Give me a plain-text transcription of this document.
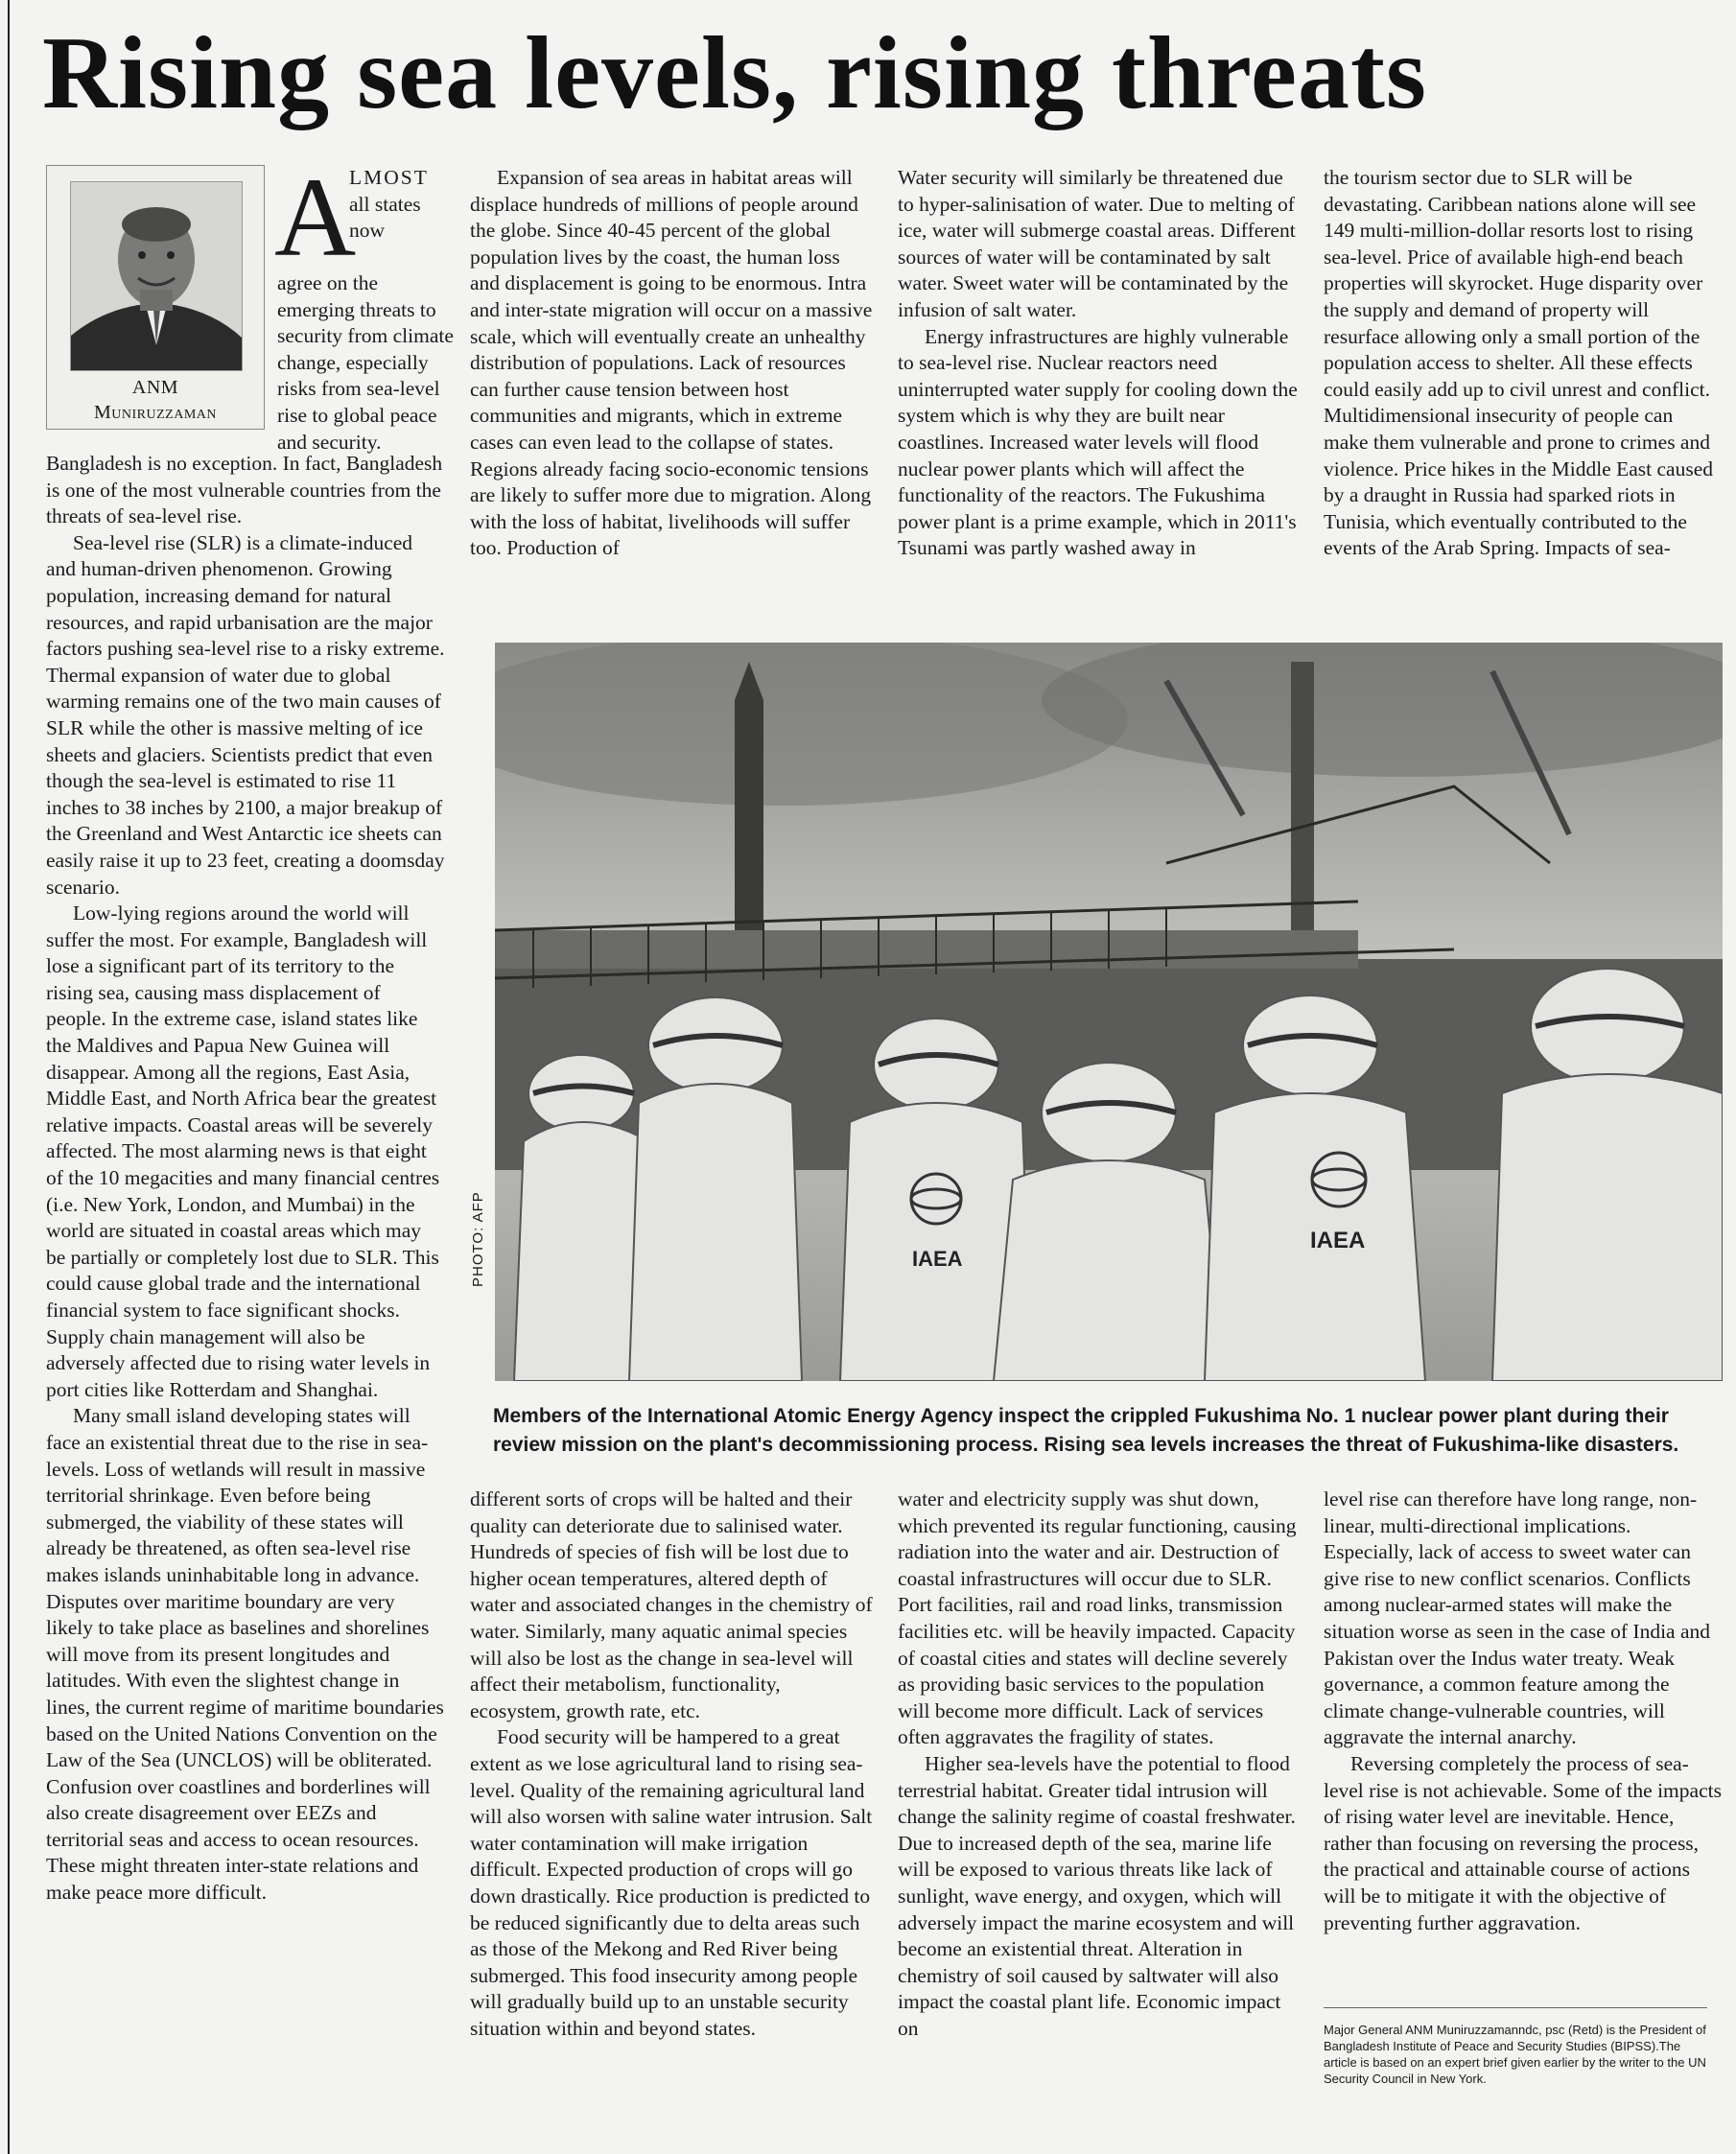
Rising sea levels, rising threats
ANM
Muniruzzaman
A
LMOST
all states
now
agree on the emerging threats to security from climate change, especially risks from sea-level rise to global peace and security.

Bangladesh is no exception. In fact, Bangladesh is one of the most vulnerable countries from the threats of sea-level rise.

Sea-level rise (SLR) is a climate-induced and human-driven phenomenon. Growing population, increasing demand for natural resources, and rapid urbanisation are the major factors pushing sea-level rise to a risky extreme. Thermal expansion of water due to global warming remains one of the two main causes of SLR while the other is massive melting of ice sheets and glaciers. Scientists predict that even though the sea-level is estimated to rise 11 inches to 38 inches by 2100, a major breakup of the Greenland and West Antarctic ice sheets can easily raise it up to 23 feet, creating a doomsday scenario.

Low-lying regions around the world will suffer the most. For example, Bangladesh will lose a significant part of its territory to the rising sea, causing mass displacement of people. In the extreme case, island states like the Maldives and Papua New Guinea will disappear. Among all the regions, East Asia, Middle East, and North Africa bear the greatest relative impacts. Coastal areas will be severely affected. The most alarming news is that eight of the 10 megacities and many financial centres (i.e. New York, London, and Mumbai) in the world are situated in coastal areas which may be partially or completely lost due to SLR. This could cause global trade and the international financial system to face significant shocks. Supply chain management will also be adversely affected due to rising water levels in port cities like Rotterdam and Shanghai.

Many small island developing states will face an existential threat due to the rise in sea-levels. Loss of wetlands will result in massive territorial shrinkage. Even before being submerged, the viability of these states will already be threatened, as often sea-level rise makes islands uninhabitable long in advance. Disputes over maritime boundary are very likely to take place as baselines and shorelines will move from its present longitudes and latitudes. With even the slightest change in lines, the current regime of maritime boundaries based on the United Nations Convention on the Law of the Sea (UNCLOS) will be obliterated. Confusion over coastlines and borderlines will also create disagreement over EEZs and territorial seas and access to ocean resources. These might threaten inter-state relations and make peace more difficult.

Expansion of sea areas in habitat areas will displace hundreds of millions of people around the globe. Since 40-45 percent of the global population lives by the coast, the human loss and displacement is going to be enormous. Intra and inter-state migration will occur on a massive scale, which will eventually create an unhealthy distribution of populations. Lack of resources can further cause tension between host communities and migrants, which in extreme cases can even lead to the collapse of states. Regions already facing socio-economic tensions are likely to suffer more due to migration. Along with the loss of habitat, livelihoods will suffer too. Production of

Water security will similarly be threatened due to hyper-salinisation of water. Due to melting of ice, water will submerge coastal areas. Different sources of water will be contaminated by salt water. Sweet water will be contaminated by the infusion of salt water.

Energy infrastructures are highly vulnerable to sea-level rise. Nuclear reactors need uninterrupted water supply for cooling down the system which is why they are built near coastlines. Increased water levels will flood nuclear power plants which will affect the functionality of the reactors. The Fukushima power plant is a prime example, which in 2011's Tsunami was partly washed away in

the tourism sector due to SLR will be devastating. Caribbean nations alone will see 149 multi-million-dollar resorts lost to rising sea-level. Price of available high-end beach properties will skyrocket. Huge disparity over the supply and demand of property will resurface allowing only a small portion of the population access to shelter. All these effects could easily add up to civil unrest and conflict. Multidimensional insecurity of people can make them vulnerable and prone to crimes and violence. Price hikes in the Middle East caused by a draught in Russia had sparked riots in Tunisia, which eventually contributed to the events of the Arab Spring. Impacts of sea-

IAEA
IAEA
PHOTO: AFP
Members of the International Atomic Energy Agency inspect the crippled Fukushima No. 1 nuclear power plant during their review mission on the plant's decommissioning process. Rising sea levels increases the threat of Fukushima-like disasters.

different sorts of crops will be halted and their quality can deteriorate due to salinised water. Hundreds of species of fish will be lost due to higher ocean temperatures, altered depth of water and associated changes in the chemistry of water. Similarly, many aquatic animal species will also be lost as the change in sea-level will affect their metabolism, functionality, ecosystem, growth rate, etc.

Food security will be hampered to a great extent as we lose agricultural land to rising sea-level. Quality of the remaining agricultural land will also worsen with saline water intrusion. Salt water contamination will make irrigation difficult. Expected production of crops will go down drastically. Rice production is predicted to be reduced significantly due to delta areas such as those of the Mekong and Red River being submerged. This food insecurity among people will gradually build up to an unstable security situation within and beyond states.

water and electricity supply was shut down, which prevented its regular functioning, causing radiation into the water and air. Destruction of coastal infrastructures will occur due to SLR. Port facilities, rail and road links, transmission facilities etc. will be heavily impacted. Capacity of coastal cities and states will decline severely as providing basic services to the population will become more difficult. Lack of services often aggravates the fragility of states.

Higher sea-levels have the potential to flood terrestrial habitat. Greater tidal intrusion will change the salinity regime of coastal freshwater. Due to increased depth of the sea, marine life will be exposed to various threats like lack of sunlight, wave energy, and oxygen, which will adversely impact the marine ecosystem and will become an existential threat. Alteration in chemistry of soil caused by saltwater will also impact the coastal plant life. Economic impact on

level rise can therefore have long range, non-linear, multi-directional implications. Especially, lack of access to sweet water can give rise to new conflict scenarios. Conflicts among nuclear-armed states will make the situation worse as seen in the case of India and Pakistan over the Indus water treaty. Weak governance, a common feature among the climate change-vulnerable countries, will aggravate the internal anarchy.

Reversing completely the process of sea-level rise is not achievable. Some of the impacts of rising water level are inevitable. Hence, rather than focusing on reversing the process, the practical and attainable course of actions will be to mitigate it with the objective of preventing further aggravation.

Major General ANM Muniruzzamanndc, psc (Retd) is the President of Bangladesh Institute of Peace and Security Studies (BIPSS).The article is based on an expert brief given earlier by the writer to the UN Security Council in New York.
